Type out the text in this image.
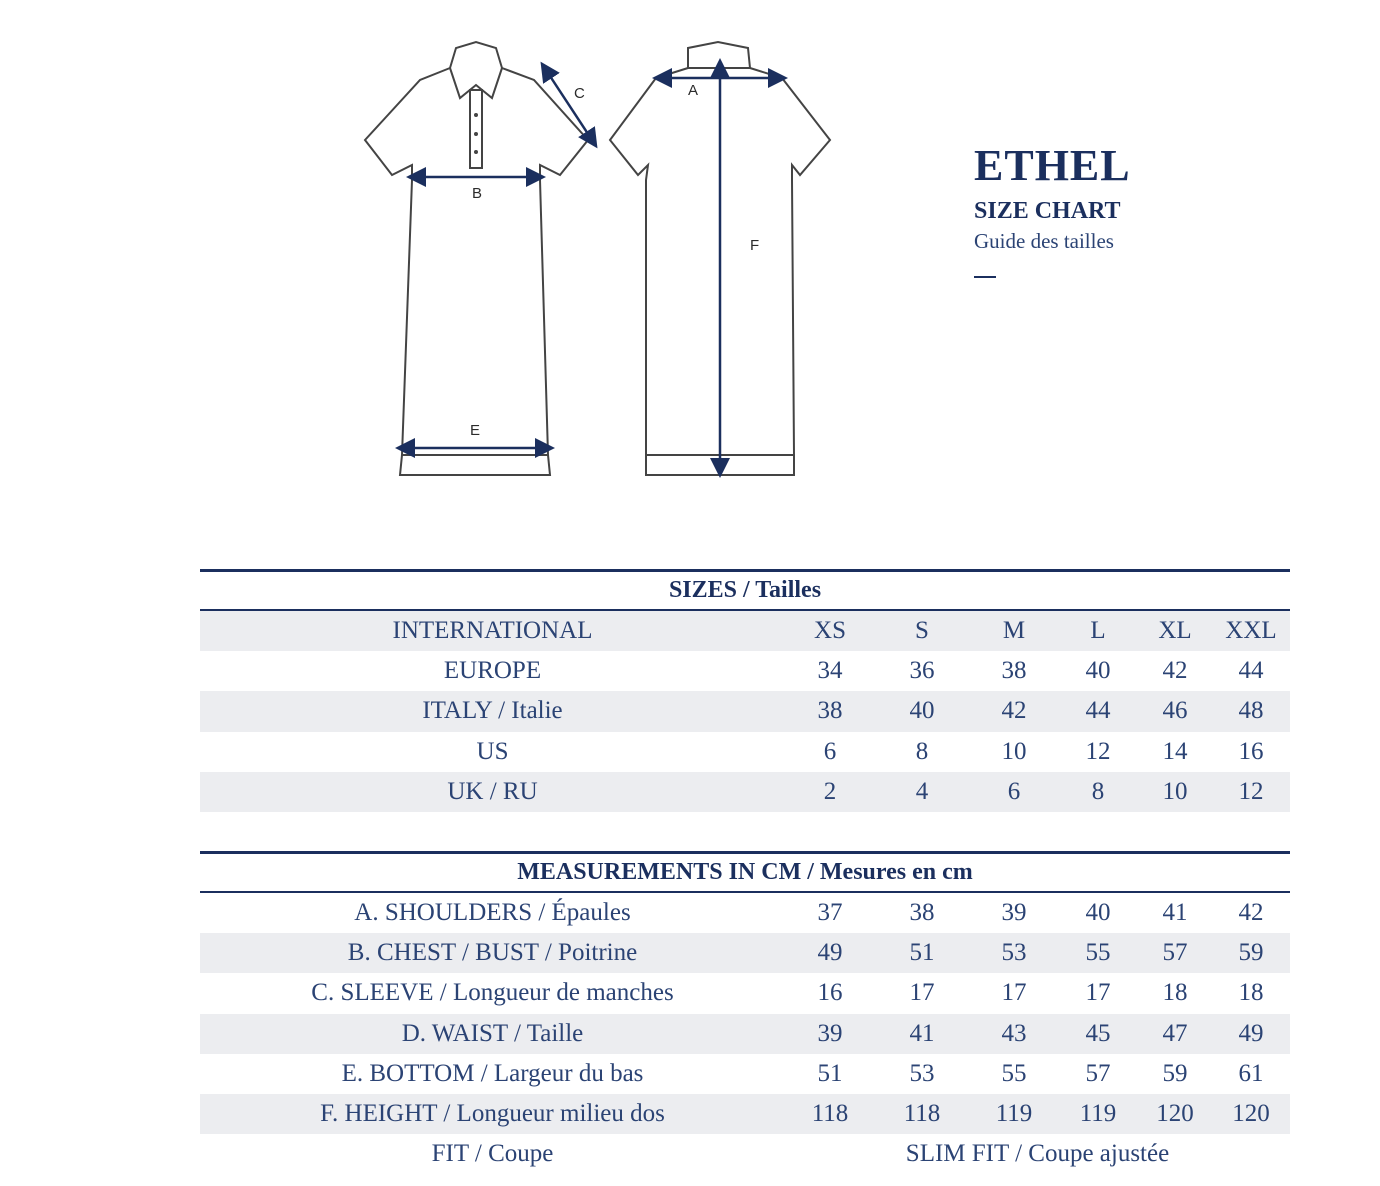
B
E
C	A
F
ETHEL
SIZE CHART
Guide des tailles
SIZES / Tailles
INTERNATIONAL	XS	S	M	L	XL	XXL
EUROPE	34	36	38	40	42	44
ITALY / Italie	38	40	42	44	46	48
US	6	8	10	12	14	16
UK / RU	2	4	6	8	10	12
MEASUREMENTS IN CM / Mesures en cm
A. SHOULDERS / Épaules	37	38	39	40	41	42
B. CHEST / BUST / Poitrine	49	51	53	55	57	59
C. SLEEVE / Longueur de manches	16	17	17	17	18	18
D. WAIST / Taille	39	41	43	45	47	49
E. BOTTOM / Largeur du bas	51	53	55	57	59	61
F. HEIGHT / Longueur milieu dos	118	118	119	119	120	120
FIT / Coupe	SLIM FIT / Coupe ajustée
